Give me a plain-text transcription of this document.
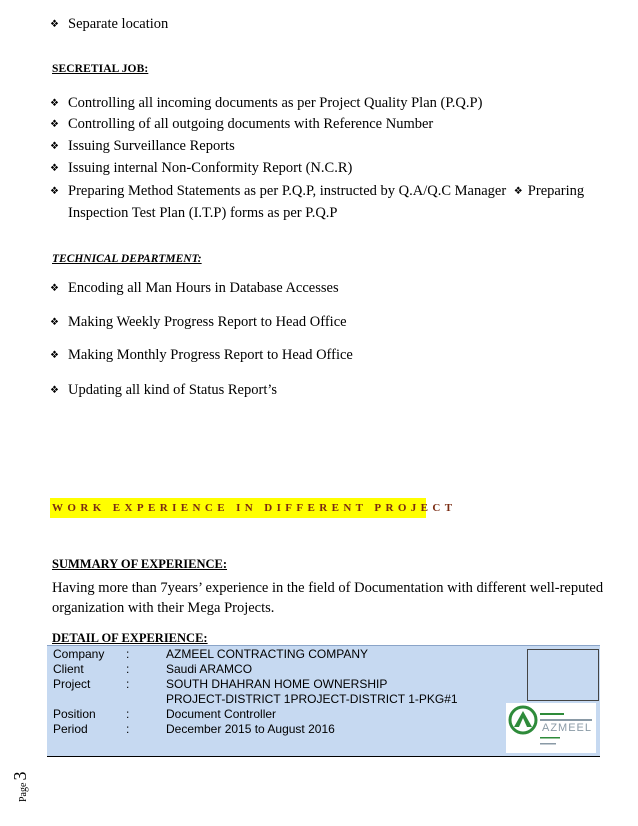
❖ Separate location
SECRETIAL JOB:
❖ Controlling all incoming documents as per Project Quality Plan (P.Q.P)
❖ Controlling of all outgoing documents with Reference Number
❖ Issuing Surveillance Reports
❖ Issuing internal Non-Conformity Report (N.C.R)
❖ Preparing Method Statements as per P.Q.P, instructed by Q.A/Q.C Manager ❖ Preparing
Inspection Test Plan (I.T.P) forms as per P.Q.P
TECHNICAL DEPARTMENT:
❖ Encoding all Man Hours in Database Accesses
❖ Making Weekly Progress Report to Head Office
❖ Making Monthly Progress Report to Head Office
❖ Updating all kind of Status Report’s
WORK EXPERIENCE IN DIFFERENT PROJECT
SUMMARY OF EXPERIENCE:
Having more than 7years’ experience in the field of Documentation with different well-reputed
organization with their Mega Projects.
DETAIL OF EXPERIENCE:
Company :	AZMEEL CONTRACTING COMPANY
Client	:	Saudi ARAMCO
Project	:	SOUTH DHAHRAN HOME OWNERSHIP
PROJECT-DISTRICT 1PROJECT-DISTRICT 1-PKG#1
Position	:	Document Controller
Period	:	December 2015 to August 2016	AZMEEL
Page3
